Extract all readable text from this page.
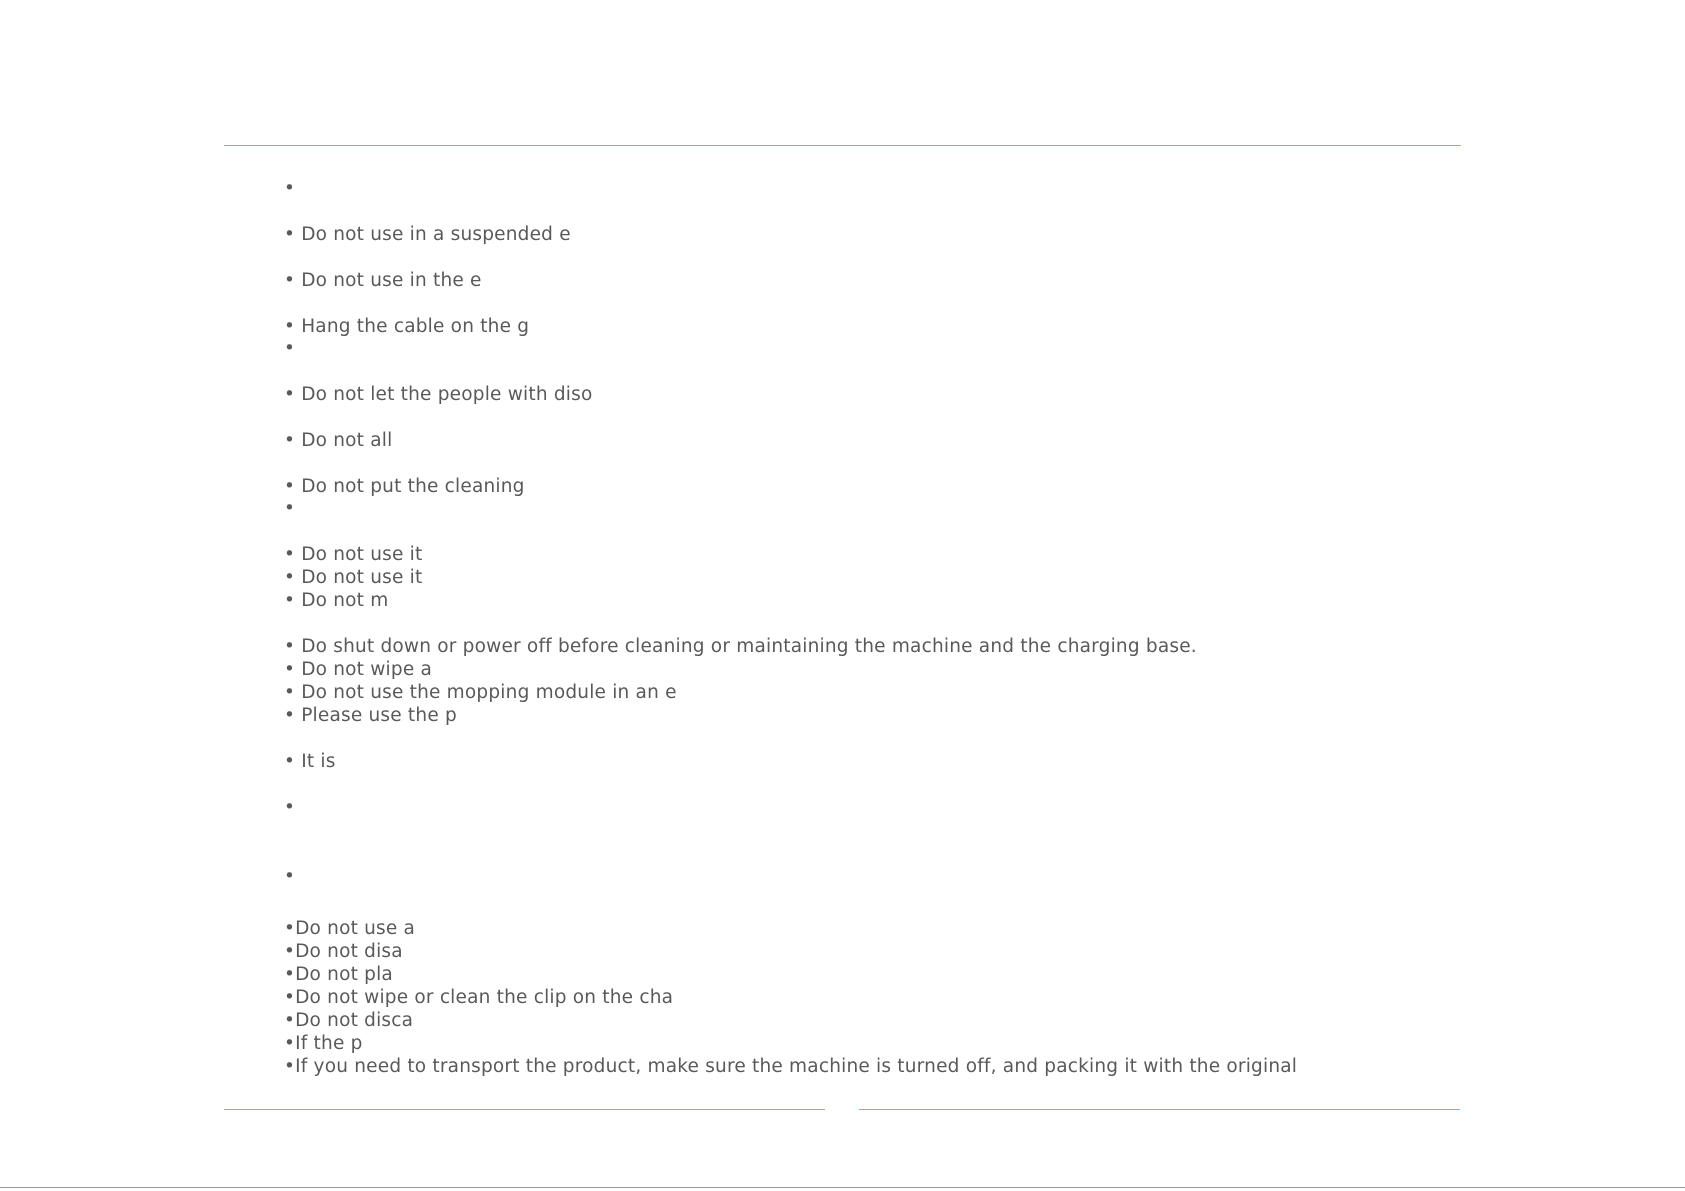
•
• Do not use in a suspended e
• Do not use in the e
• Hang the cable on the g
•
• Do not let the people with diso
• Do not all
• Do not put the cleaning
•
• Do not use it
• Do not use it
• Do not m
• Do shut down or power off before cleaning or maintaining the machine and the charging base.
• Do not wipe a
• Do not use the mopping module in an e
• Please use the p
• It is
•
•
•Do not use a
•Do not disa
•Do not pla
•Do not wipe or clean the clip on the cha
•Do not disca
•If the p
•If you need to transport the product, make sure the machine is turned off, and packing it with the original
